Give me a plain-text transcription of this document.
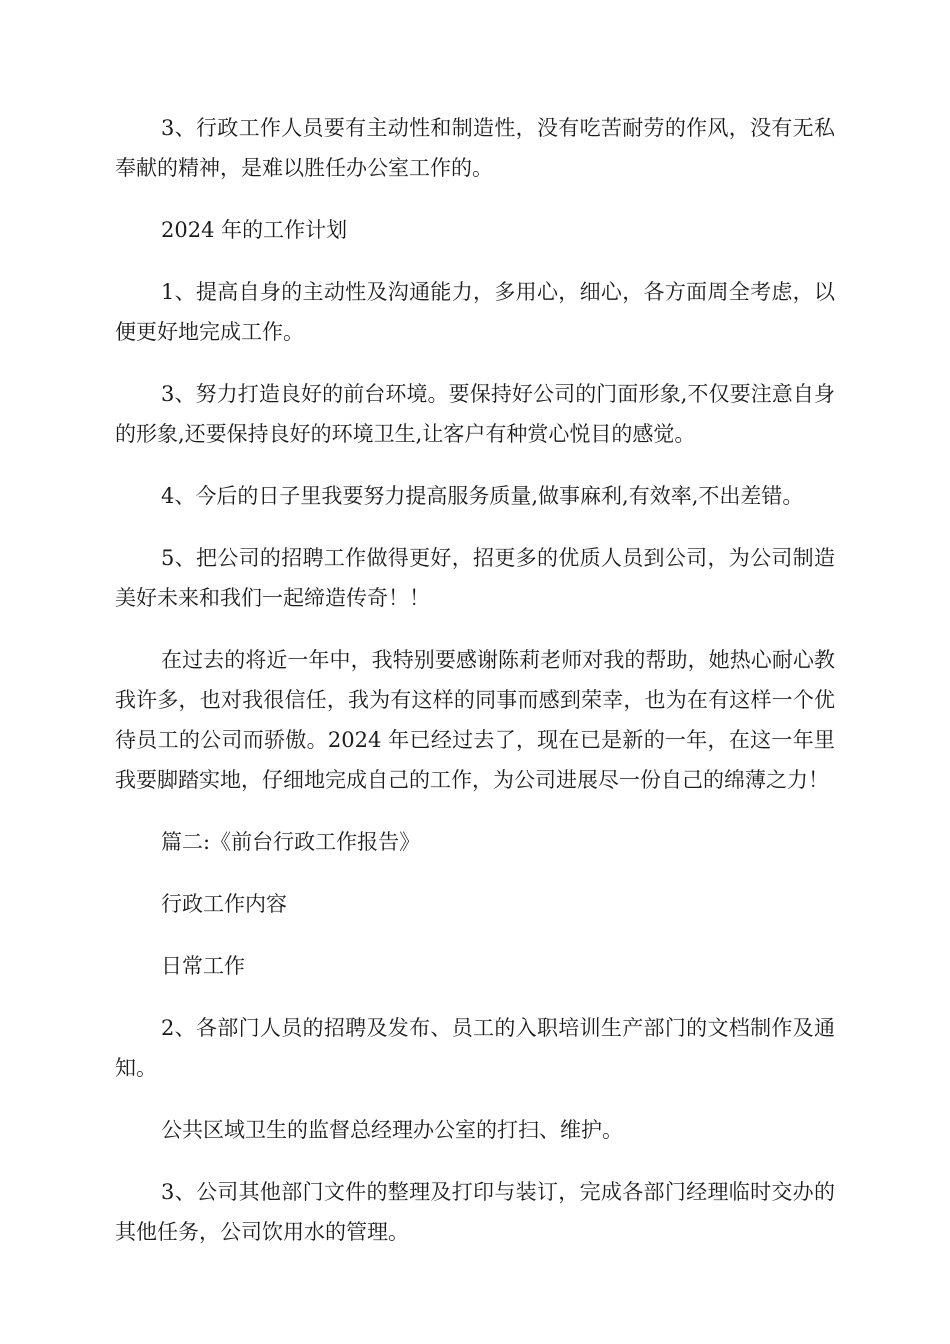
3、行政工作人员要有主动性和制造性，没有吃苦耐劳的作风，没有无私奉献的精神，是难以胜任办公室工作的。

2024 年的工作计划

1、提高自身的主动性及沟通能力，多用心，细心，各方面周全考虑，以便更好地完成工作。

3、努力打造良好的前台环境。要保持好公司的门面形象,不仅要注意自身的形象,还要保持良好的环境卫生,让客户有种赏心悦目的感觉。

4、今后的日子里我要努力提高服务质量,做事麻利,有效率,不出差错。

5、把公司的招聘工作做得更好，招更多的优质人员到公司，为公司制造美好未来和我们一起缔造传奇！！

在过去的将近一年中，我特别要感谢陈莉老师对我的帮助，她热心耐心教我许多，也对我很信任，我为有这样的同事而感到荣幸，也为在有这样一个优待员工的公司而骄傲。2024 年已经过去了，现在已是新的一年，在这一年里我要脚踏实地，仔细地完成自己的工作，为公司进展尽一份自己的绵薄之力！

篇二:《前台行政工作报告》

行政工作内容

日常工作

2、各部门人员的招聘及发布、员工的入职培训生产部门的文档制作及通知。

公共区域卫生的监督总经理办公室的打扫、维护。

3、公司其他部门文件的整理及打印与装订，完成各部门经理临时交办的其他任务，公司饮用水的管理。
